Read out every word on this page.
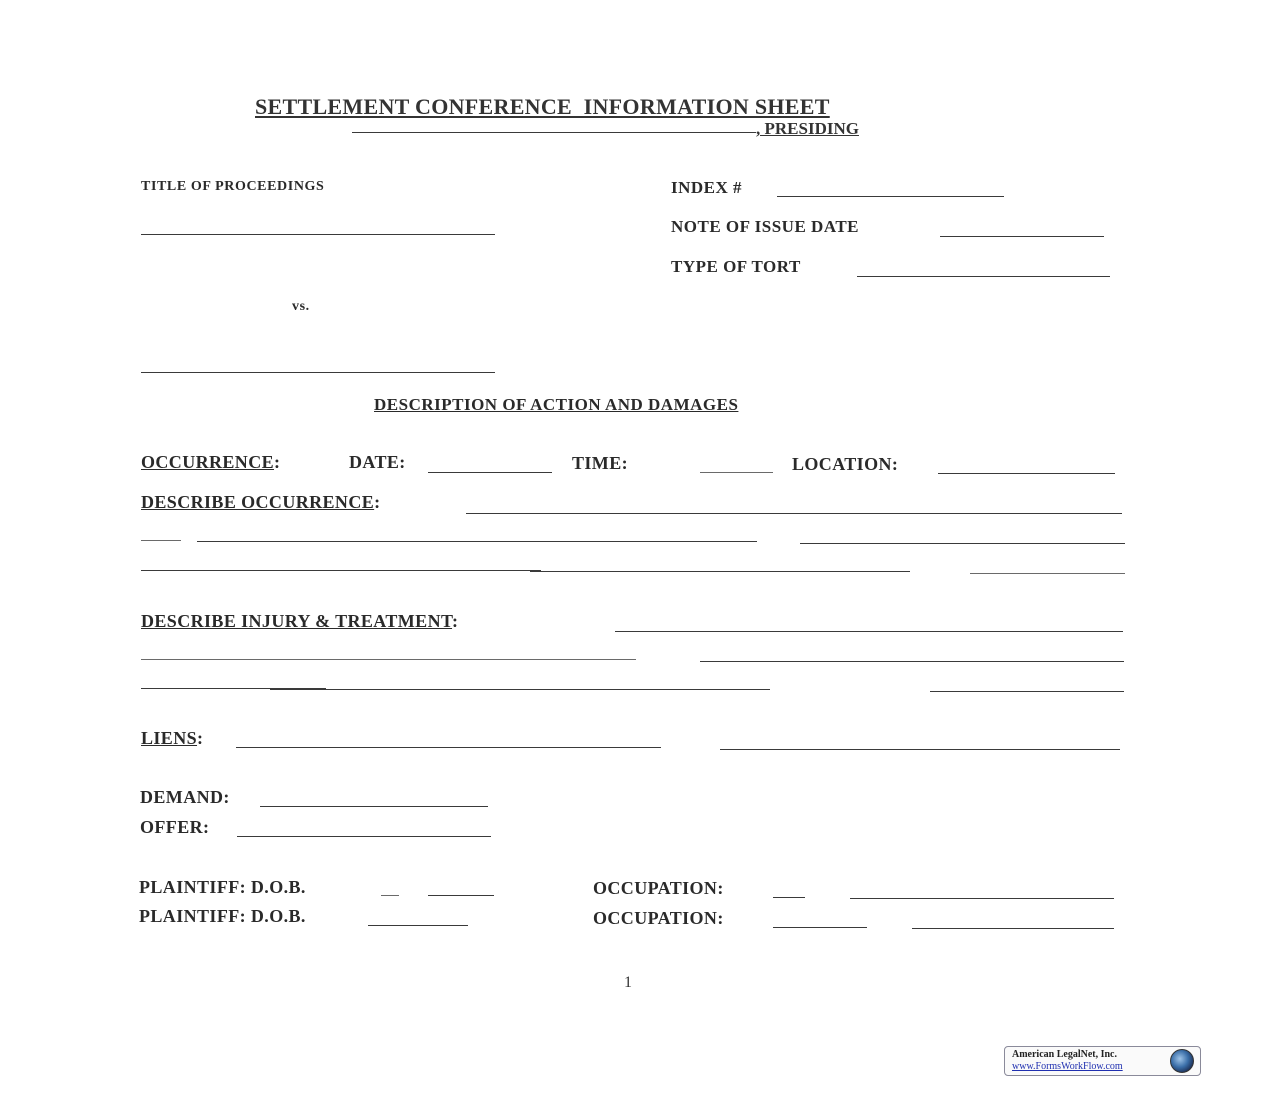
SETTLEMENT CONFERENCE  INFORMATION SHEET
, PRESIDING
TITLE OF PROCEEDINGS
vs.
INDEX #
NOTE OF ISSUE DATE
TYPE OF TORT
DESCRIPTION OF ACTION AND DAMAGES
OCCURRENCE:	DATE:	TIME:	LOCATION:
DESCRIBE OCCURRENCE:
DESCRIBE INJURY & TREATMENT:
LIENS:
DEMAND:
OFFER:
PLAINTIFF: D.O.B.	OCCUPATION:
PLAINTIFF: D.O.B.	OCCUPATION:
1
American LegalNet, Inc.
www.FormsWorkFlow.com
